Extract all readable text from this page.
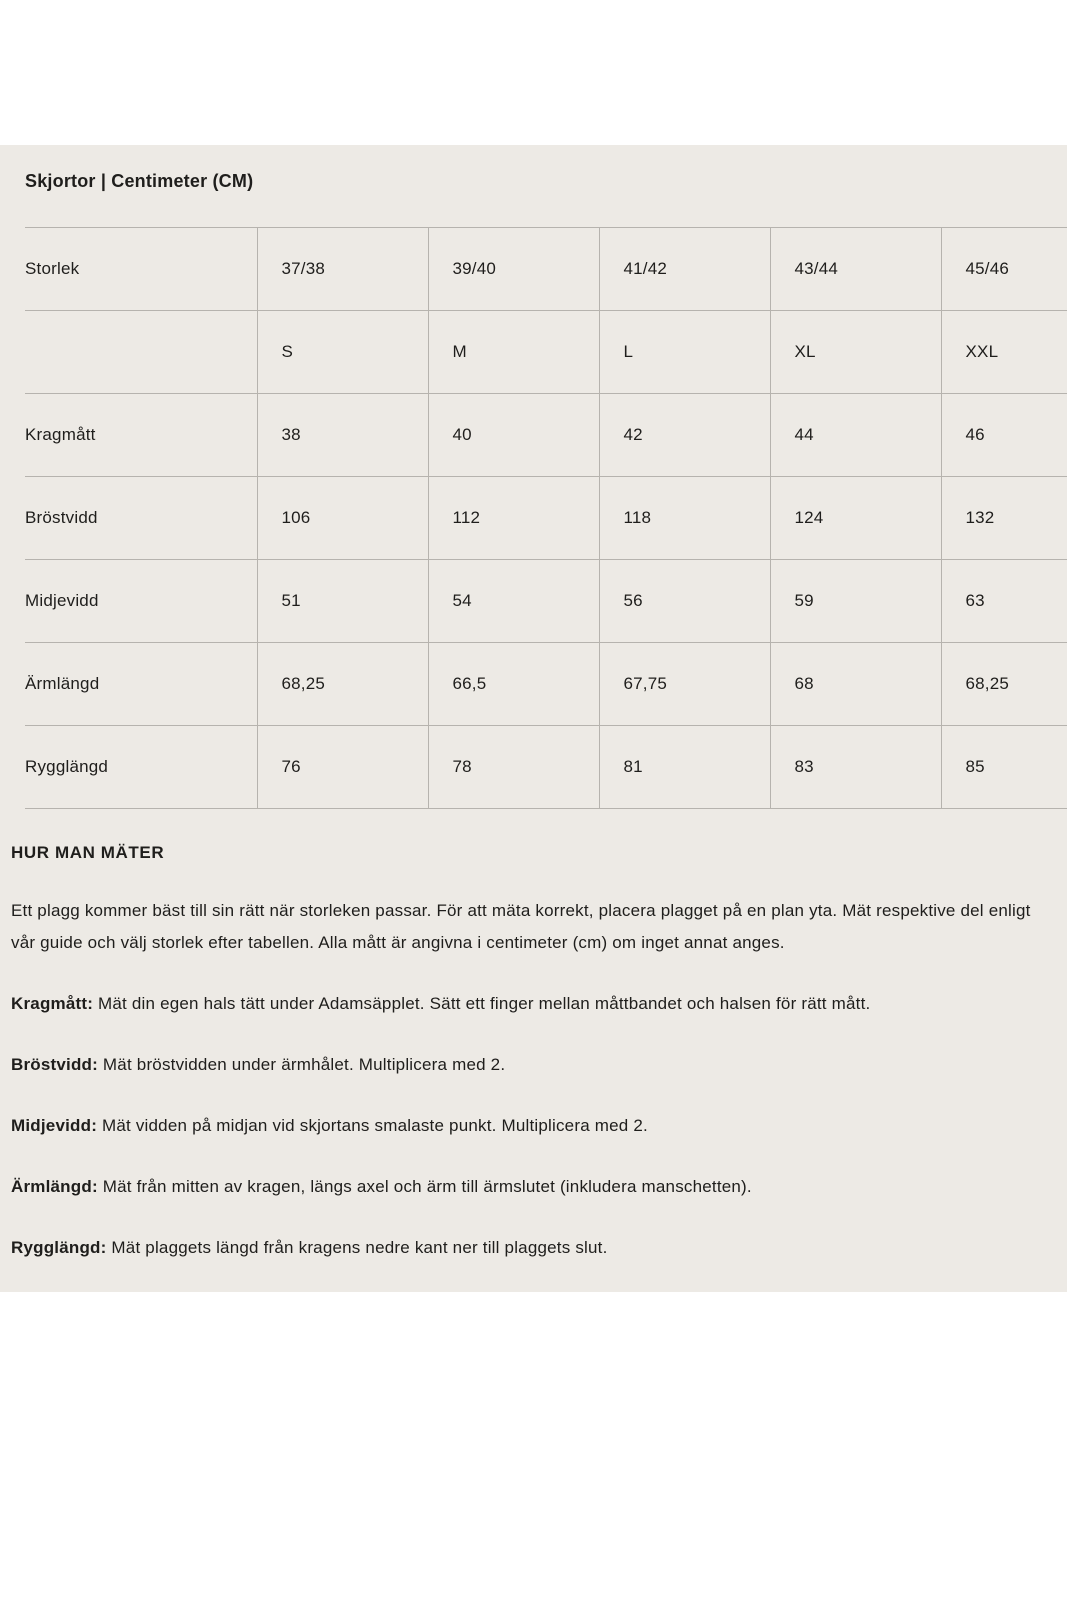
Skjortor | Centimeter (CM)
Storlek	37/38	39/40	41/42	43/44	45/46
	S	M	L	XL	XXL
Kragmått	38	40	42	44	46
Bröstvidd	106	112	118	124	132
Midjevidd	51	54	56	59	63
Ärmlängd	68,25	66,5	67,75	68	68,25
Rygglängd	76	78	81	83	85
HUR MAN MÄTER

Ett plagg kommer bäst till sin rätt när storleken passar. För att mäta korrekt, placera plagget på en plan yta. Mät respektive del enligt vår guide och välj storlek efter tabellen. Alla mått är angivna i centimeter (cm) om inget annat anges.

Kragmått: Mät din egen hals tätt under Adamsäpplet. Sätt ett finger mellan måttbandet och halsen för rätt mått.

Bröstvidd: Mät bröstvidden under ärmhålet. Multiplicera med 2.

Midjevidd: Mät vidden på midjan vid skjortans smalaste punkt. Multiplicera med 2.

Ärmlängd: Mät från mitten av kragen, längs axel och ärm till ärmslutet (inkludera manschetten).

Rygglängd: Mät plaggets längd från kragens nedre kant ner till plaggets slut.
